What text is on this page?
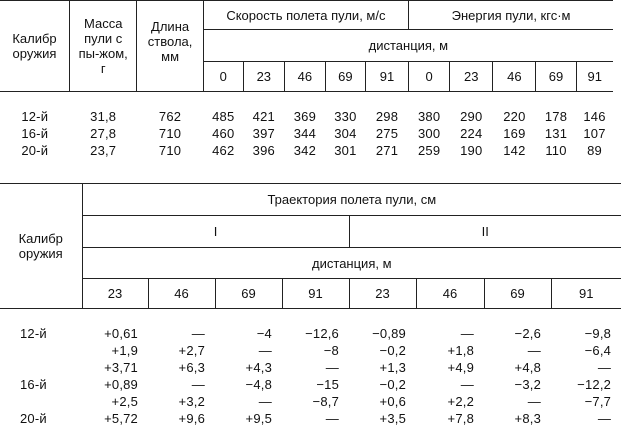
Калибр оружия	Масса пули с пы-жом, г	Длина ствола, мм	Скорость полета пули, м/с					Энергия пули, кгс·м				
			дистанция, м									
			0	23	46	69	91	0	23	46	69	91

12-й	31,8	762	485	421	369	330	298	380	290	220	178	146
16-й	27,8	710	460	397	344	304	275	300	224	169	131	107
20-й	23,7	710	462	396	342	301	271	259	190	142	110	89
Калибр оружия	Траектория полета пули, см							
	I				II			
	дистанция, м							
	23	46	69	91	23	46	69	91

12-й	+0,61	—	−4	−12,6	−0,89	—	−2,6	−9,8
	+1,9	+2,7	—	−8	−0,2	+1,8	—	−6,4
	+3,71	+6,3	+4,3	—	+1,3	+4,9	+4,8	—
16-й	+0,89	—	−4,8	−15	−0,2	—	−3,2	−12,2
	+2,5	+3,2	—	−8,7	+0,6	+2,2	—	−7,7
20-й	+5,72	+9,6	+9,5	—	+3,5	+7,8	+8,3	—
